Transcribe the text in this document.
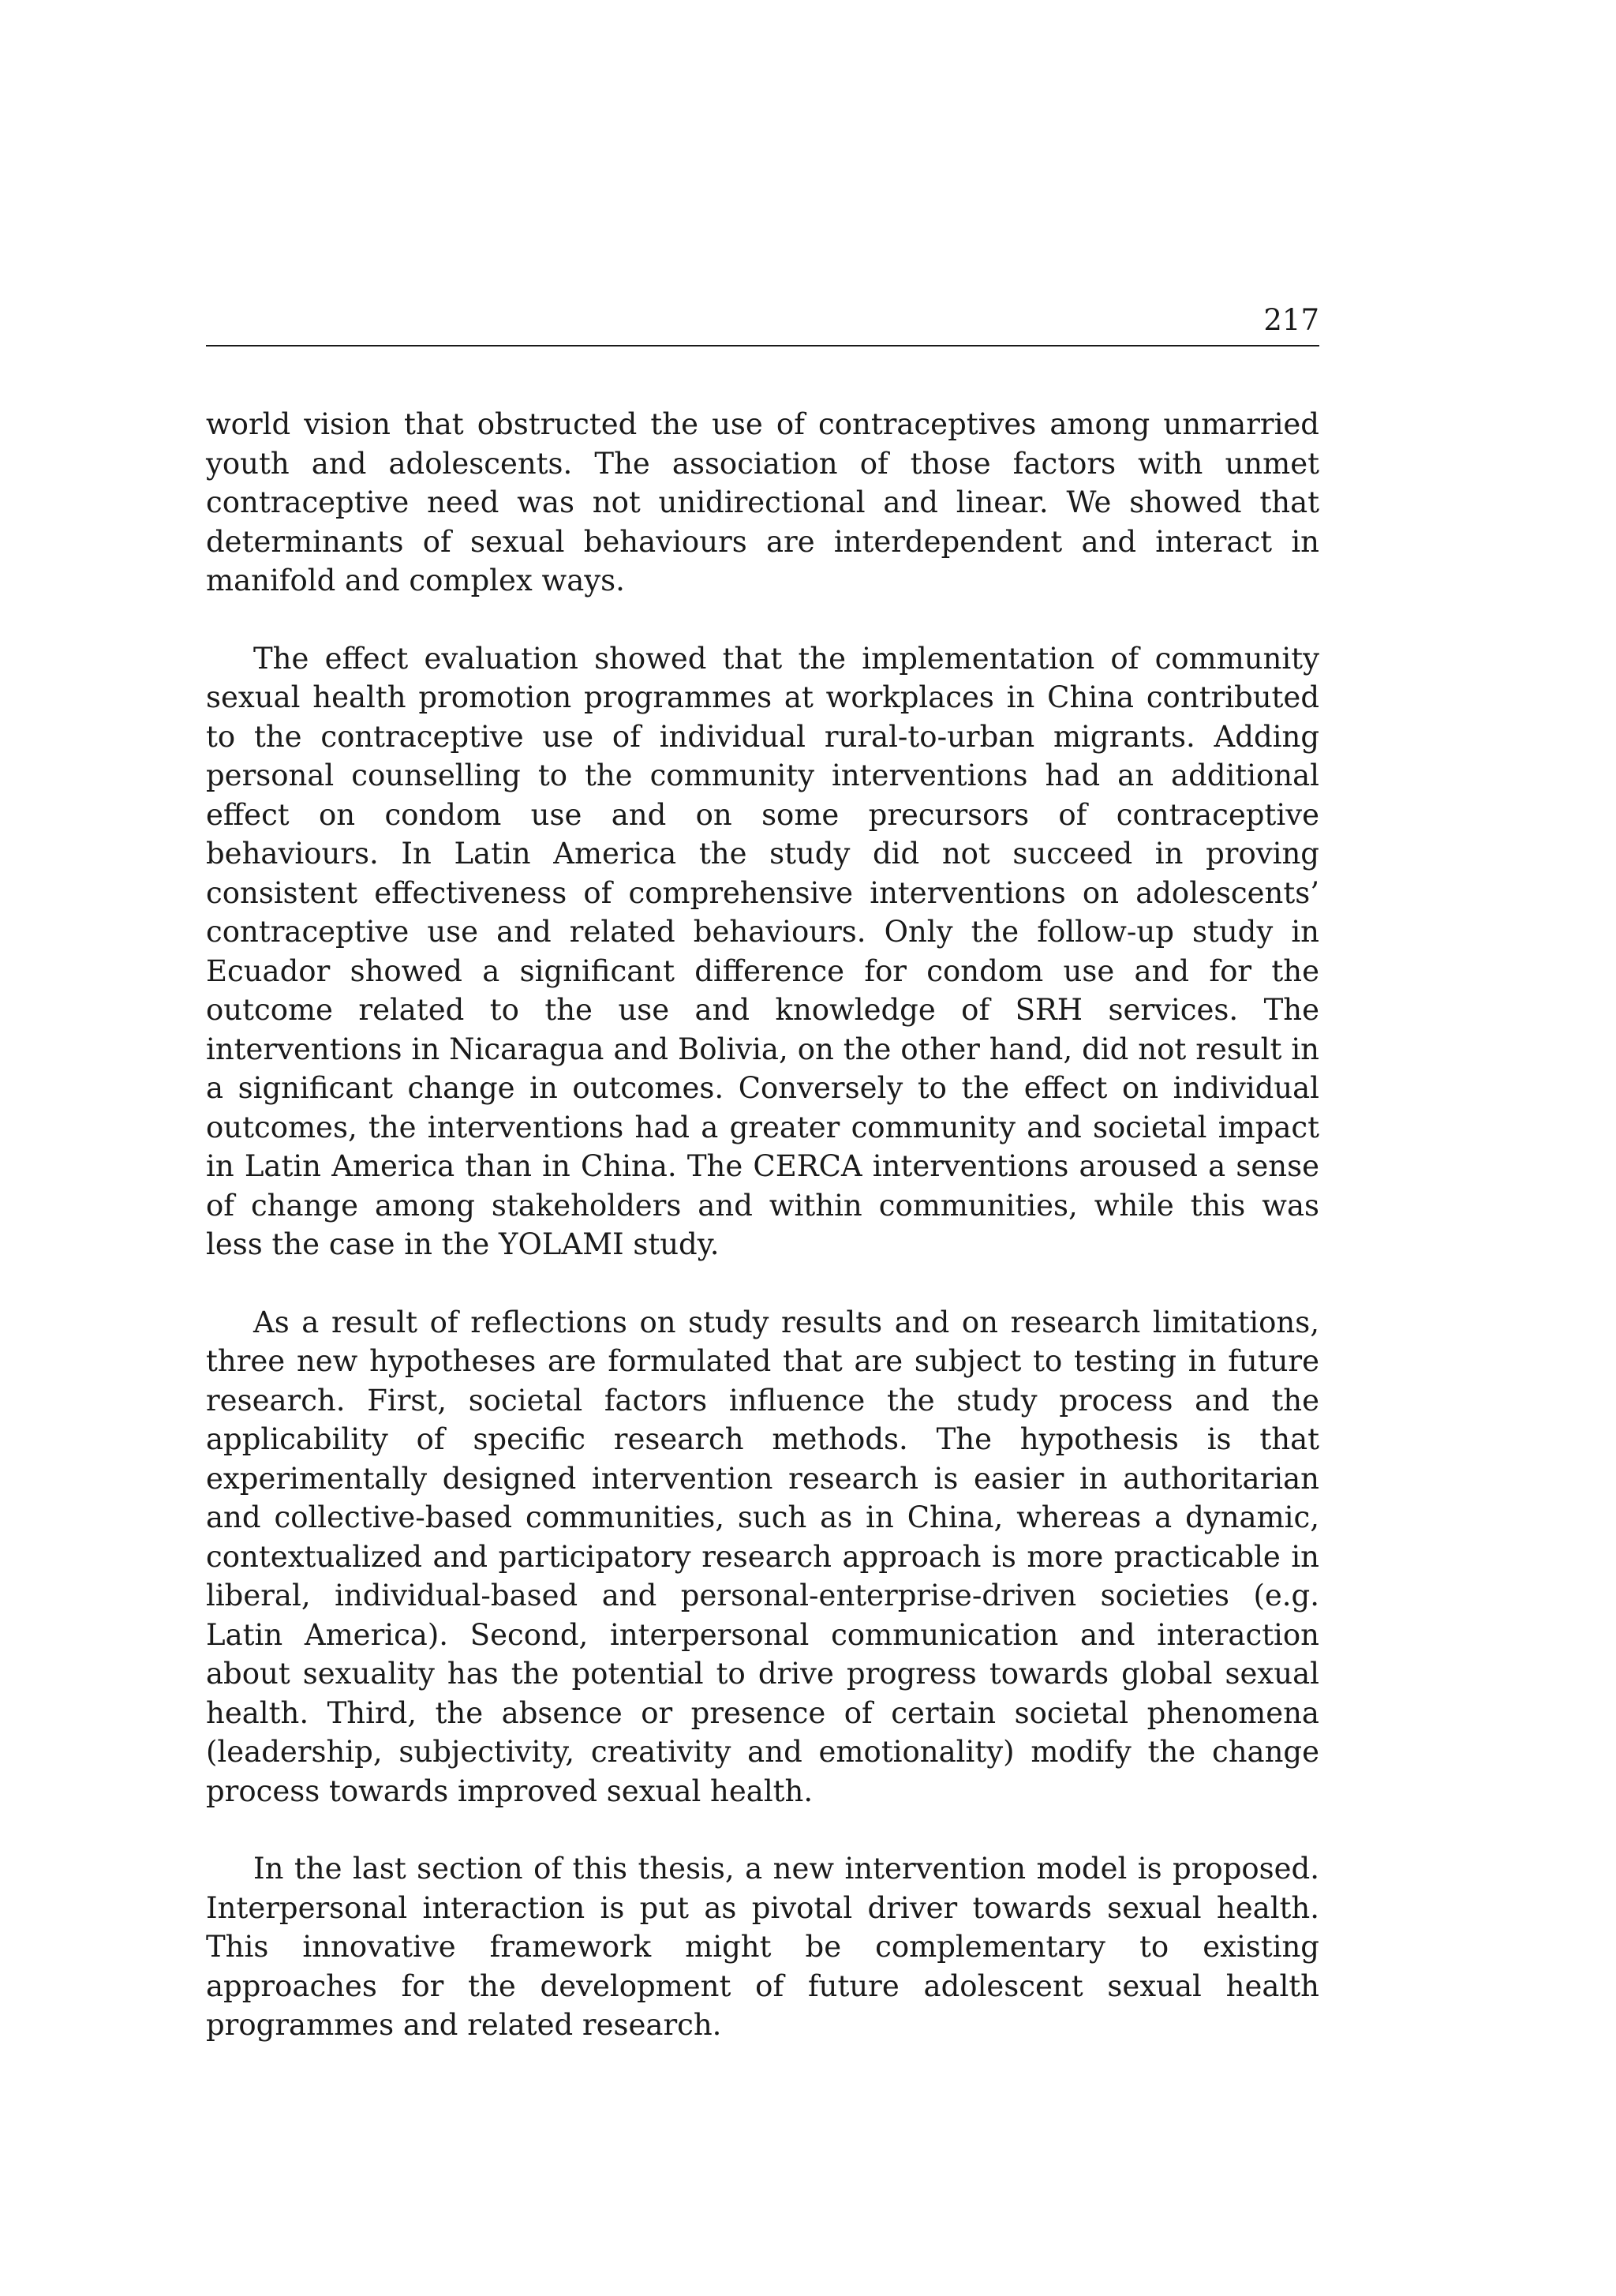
217

world vision that obstructed the use of contraceptives among unmarried youth and adolescents. The association of those factors with unmet contraceptive need was not unidirectional and linear. We showed that determinants of sexual behaviours are interdependent and interact in manifold and complex ways.

The effect evaluation showed that the implementation of community sexual health promotion programmes at workplaces in China contributed to the contraceptive use of individual rural-to-urban migrants. Adding personal counselling to the community interventions had an additional effect on condom use and on some precursors of contraceptive behaviours. In Latin America the study did not succeed in proving consistent effectiveness of comprehensive interventions on adolescents’ contraceptive use and related behaviours. Only the follow-up study in Ecuador showed a significant difference for condom use and for the outcome related to the use and knowledge of SRH services. The interventions in Nicaragua and Bolivia, on the other hand, did not result in a significant change in outcomes. Conversely to the effect on individual outcomes, the interventions had a greater community and societal impact in Latin America than in China. The CERCA interventions aroused a sense of change among stakeholders and within communities, while this was less the case in the YOLAMI study.

As a result of reflections on study results and on research limitations, three new hypotheses are formulated that are subject to testing in future research. First, societal factors influence the study process and the applicability of specific research methods. The hypothesis is that experimentally designed intervention research is easier in authoritarian and collective-based communities, such as in China, whereas a dynamic, contextualized and participatory research approach is more practicable in liberal, individual-based and personal-enterprise-driven societies (e.g. Latin America). Second, interpersonal communication and interaction about sexuality has the potential to drive progress towards global sexual health. Third, the absence or presence of certain societal phenomena (leadership, subjectivity, creativity and emotionality) modify the change process towards improved sexual health.

In the last section of this thesis, a new intervention model is proposed. Interpersonal interaction is put as pivotal driver towards sexual health. This innovative framework might be complementary to existing approaches for the development of future adolescent sexual health programmes and related research.
